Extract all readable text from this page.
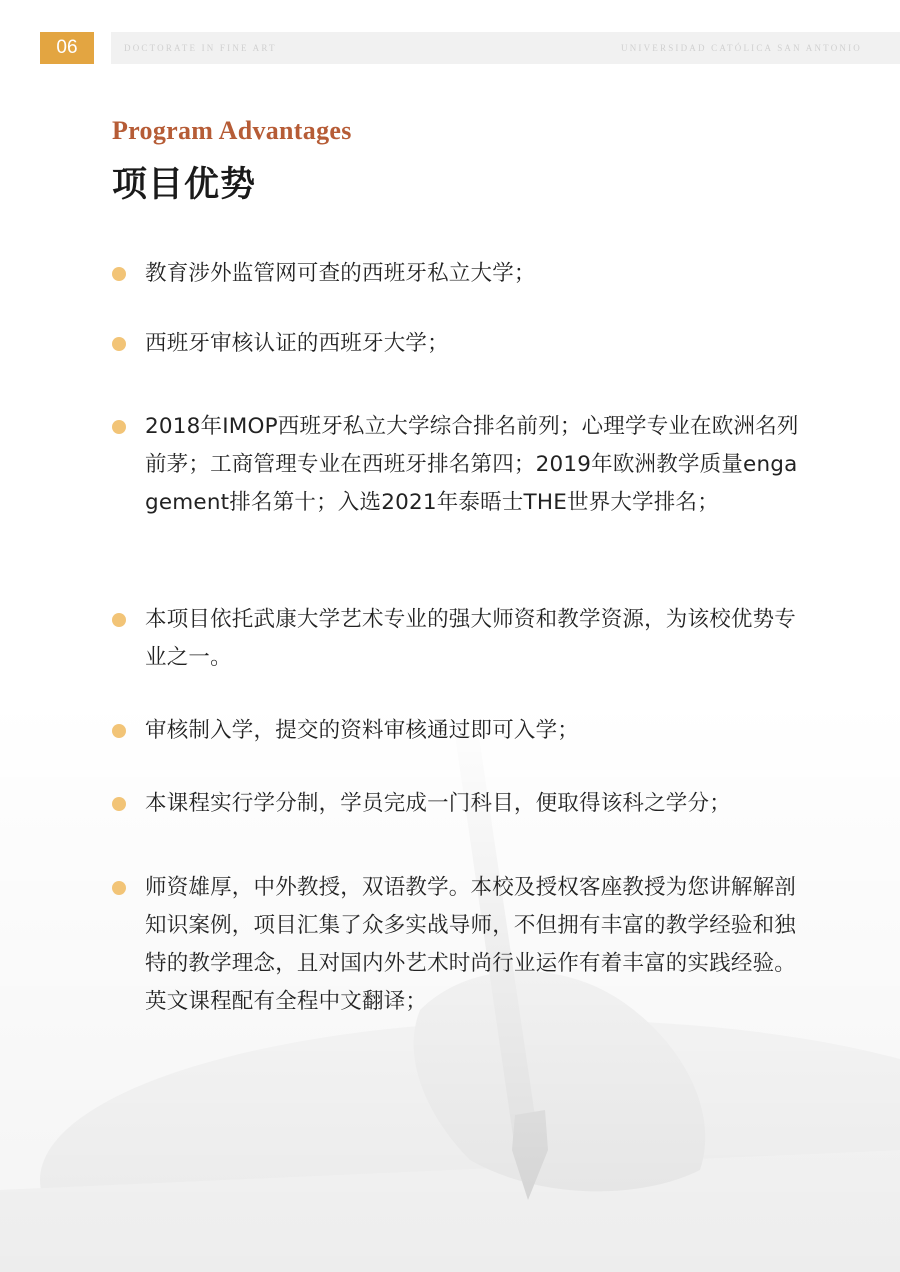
06	DOCTORATE IN FINE ART	UNIVERSIDAD CATÓLICA SAN ANTONIO
Program Advantages
项目优势
教育涉外监管网可查的西班牙私立大学；
西班牙审核认证的西班牙大学；
2018年IMOP西班牙私立大学综合排名前列；心理学专业在欧洲名列前茅；工商管理专业在西班牙排名第四；2019年欧洲教学质量engagement排名第十；入选2021年泰晤士THE世界大学排名；
本项目依托武康大学艺术专业的强大师资和教学资源，为该校优势专业之一。
审核制入学，提交的资料审核通过即可入学；
本课程实行学分制，学员完成一门科目，便取得该科之学分；
师资雄厚，中外教授，双语教学。本校及授权客座教授为您讲解解剖知识案例，项目汇集了众多实战导师，不但拥有丰富的教学经验和独特的教学理念，且对国内外艺术时尚行业运作有着丰富的实践经验。英文课程配有全程中文翻译；
